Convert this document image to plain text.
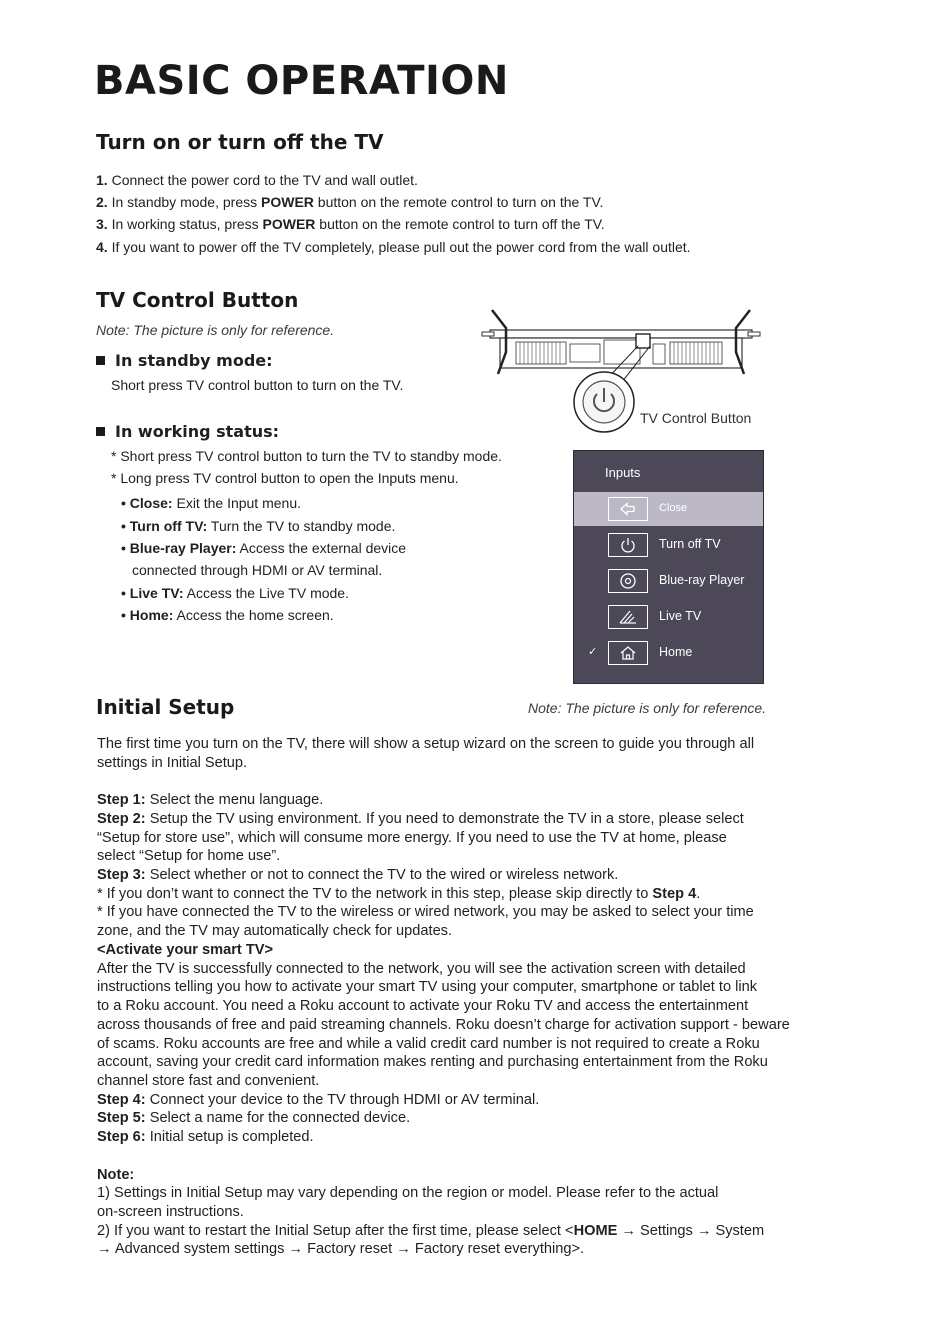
BASIC OPERATION
Turn on or turn off the TV
1. Connect the power cord to the TV and wall outlet.
2. In standby mode, press POWER button on the remote control to turn on the TV.
3. In working status, press POWER button on the remote control to turn off the TV.
4. If you want to power off the TV completely, please pull out the power cord from the wall outlet.
TV Control Button
Note: The picture is only for reference.
In standby mode:
Short press TV control button to turn on the TV.
In working status:
* Short press TV control button to turn the TV to standby mode.
* Long press TV control button to open the Inputs menu.
• Close: Exit the Input menu.
• Turn off TV: Turn the TV to standby mode.
• Blue-ray Player: Access the external device
connected through HDMI or AV terminal.
• Live TV: Access the Live TV mode.
• Home: Access the home screen.
TV Control Button
Inputs
Close
Turn off TV
Blue-ray Player
Live TV
✓	Home
Initial Setup	Note: The picture is only for reference.
The first time you turn on the TV, there will show a setup wizard on the screen to guide you through all
settings in Initial Setup.
Step 1: Select the menu language.
Step 2: Setup the TV using environment. If you need to demonstrate the TV in a store, please select
“Setup for store use”, which will consume more energy. If you need to use the TV at home, please
select “Setup for home use”.
Step 3: Select whether or not to connect the TV to the wired or wireless network.
* If you don’t want to connect the TV to the network in this step, please skip directly to Step 4.
* If you have connected the TV to the wireless or wired network, you may be asked to select your time
zone, and the TV may automatically check for updates.
<Activate your smart TV>
After the TV is successfully connected to the network, you will see the activation screen with detailed
instructions telling you how to activate your smart TV using your computer, smartphone or tablet to link
to a Roku account. You need a Roku account to activate your Roku TV and access the entertainment
across thousands of free and paid streaming channels. Roku doesn’t charge for activation support - beware
of scams. Roku accounts are free and while a valid credit card number is not required to create a Roku
account, saving your credit card information makes renting and purchasing entertainment from the Roku
channel store fast and convenient.
Step 4: Connect your device to the TV through HDMI or AV terminal.
Step 5: Select a name for the connected device.
Step 6: Initial setup is completed.
Note:
1) Settings in Initial Setup may vary depending on the region or model. Please refer to the actual
on-screen instructions.
2) If you want to restart the Initial Setup after the first time, please select <HOME → Settings → System
→ Advanced system settings → Factory reset → Factory reset everything>.
